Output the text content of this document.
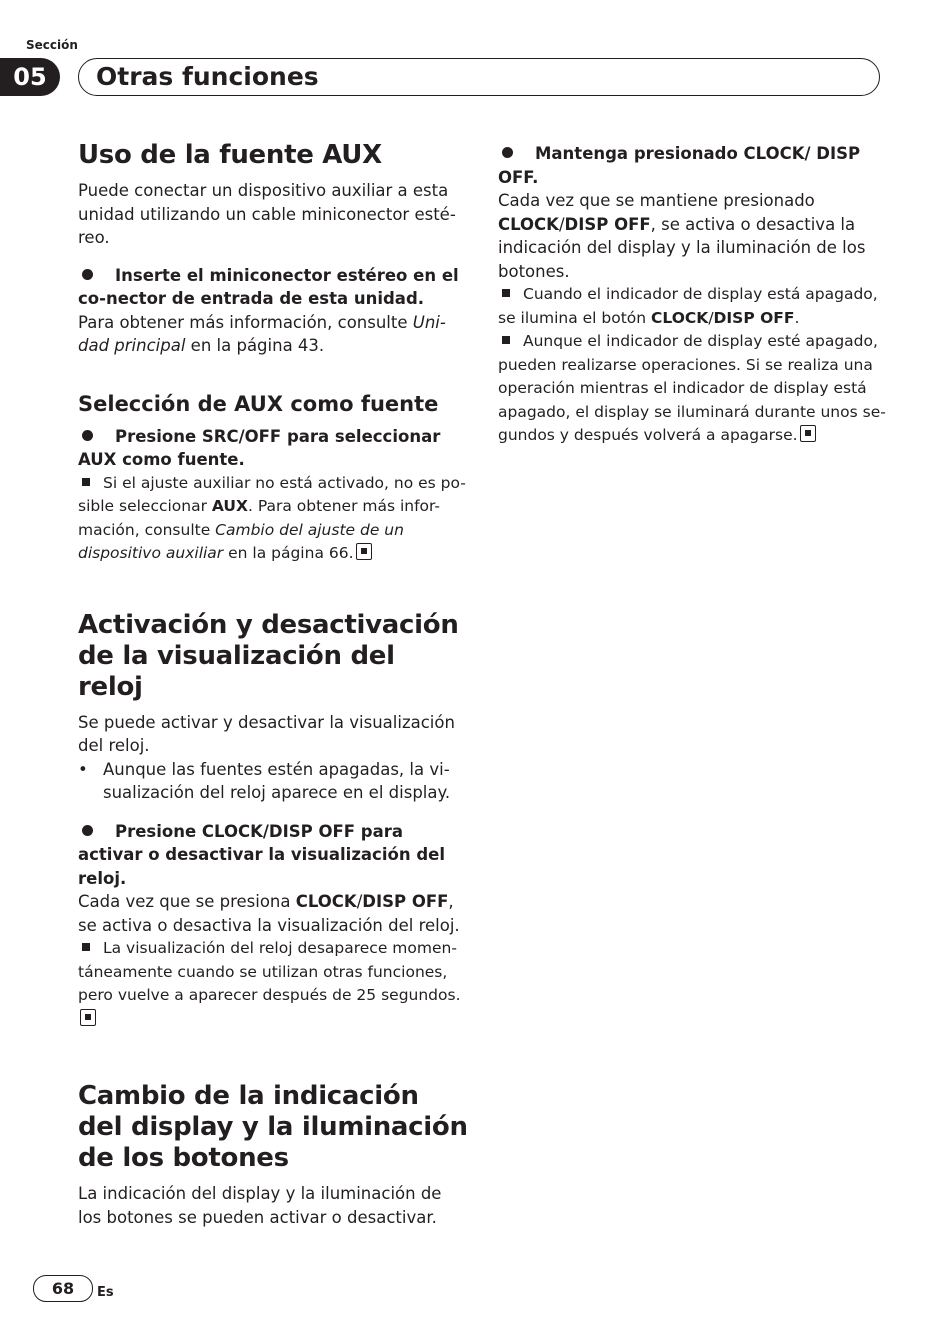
Sección
05	Otras funciones
Uso de la fuente AUX

Puede conectar un dispositivo auxiliar a esta unidad utilizando un cable miniconector esté-reo.

Inserte el miniconector estéreo en el co-nector de entrada de esta unidad.

Para obtener más información, consulte Uni-dad principal en la página 43.

Selección de AUX como fuente

Presione SRC/OFF para seleccionar AUX como fuente.

Si el ajuste auxiliar no está activado, no es po-sible seleccionar AUX. Para obtener más infor-mación, consulte Cambio del ajuste de un dispositivo auxiliar en la página 66.

Activación y desactivación de la visualización del reloj

Se puede activar y desactivar la visualización del reloj.

• Aunque las fuentes estén apagadas, la vi-sualización del reloj aparece en el display.

Presione CLOCK/DISP OFF para activar o desactivar la visualización del reloj.

Cada vez que se presiona CLOCK/DISP OFF, se activa o desactiva la visualización del reloj.

La visualización del reloj desaparece momen-táneamente cuando se utilizan otras funciones, pero vuelve a aparecer después de 25 segundos.

Cambio de la indicación del display y la iluminación de los botones

La indicación del display y la iluminación de los botones se pueden activar o desactivar.

Mantenga presionado CLOCK/ DISP OFF.

Cada vez que se mantiene presionado CLOCK/DISP OFF, se activa o desactiva la indicación del display y la iluminación de los botones.

Cuando el indicador de display está apagado, se ilumina el botón CLOCK/DISP OFF.

Aunque el indicador de display esté apagado, pueden realizarse operaciones. Si se realiza una operación mientras el indicador de display está apagado, el display se iluminará durante unos se-gundos y después volverá a apagarse.

68	Es
